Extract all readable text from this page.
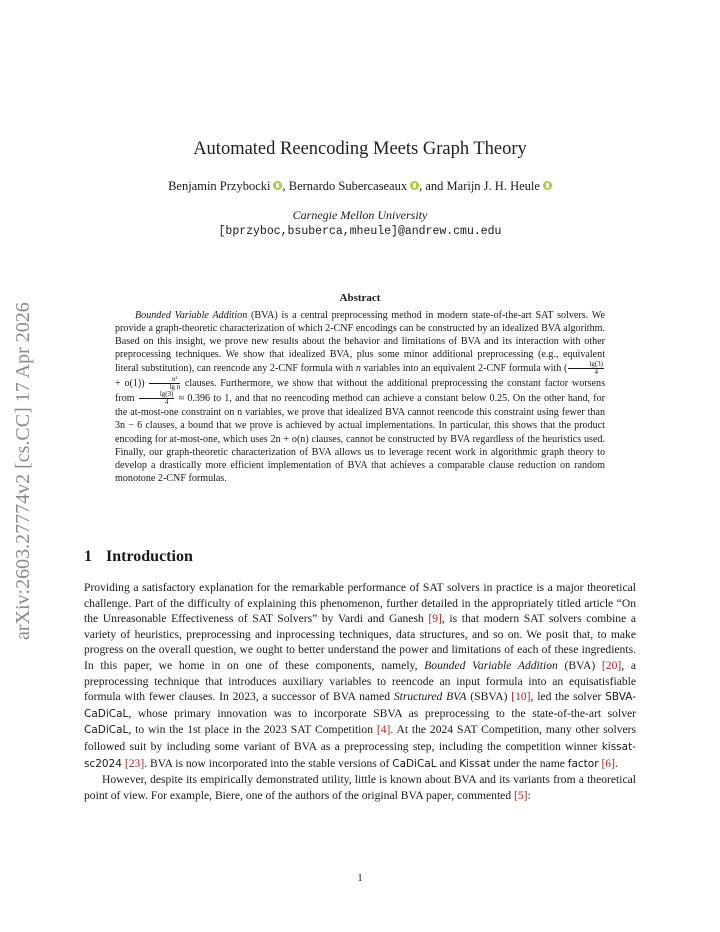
arXiv:2603.27774v2 [cs.CC] 17 Apr 2026
Automated Reencoding Meets Graph Theory
Benjamin Przybocki , Bernardo Subercaseaux , and Marijn J. H. Heule
Carnegie Mellon University
[bprzyboc,bsuberca,mheule]@andrew.cmu.edu
Abstract
Bounded Variable Addition (BVA) is a central preprocessing method in modern state-of-the-art SAT solvers. We provide a graph-theoretic characterization of which 2-CNF encodings can be constructed by an idealized BVA algorithm. Based on this insight, we prove new results about the behavior and limitations of BVA and its interaction with other preprocessing techniques. We show that idealized BVA, plus some minor additional preprocessing (e.g., equivalent literal substitution), can reencode any 2-CNF formula with n variables into an equivalent 2-CNF formula with ( $\frac{\lg(3)}{4}$
+ $o(1)) \frac{\text{n²}}{\text{lg n}}$ clauses. Furthermore, we show that without the additional preprocessing the constant factor worsens from $\frac{\lg(3)}{4} \approx 0.396$ to 1, and that no reencoding method can achieve a constant below 0.25. On the other hand, for the at-most-one constraint on n variables, we prove that idealized BVA cannot reencode this constraint using fewer than 3n − 6 clauses, a bound that we prove is achieved by actual implementations. In particular, this shows that the product encoding for at-most-one, which uses 2n + o(n) clauses, cannot be constructed by BVA regardless of the heuristics used. Finally, our graph-theoretic characterization of BVA allows us to leverage recent work in algorithmic graph theory to develop a drastically more efficient implementation of BVA that achieves a comparable clause reduction on random monotone 2-CNF formulas.
1 Introduction

Providing a satisfactory explanation for the remarkable performance of SAT solvers in practice is a major theoretical challenge. Part of the difficulty of explaining this phenomenon, further detailed in the appropriately titled article “On the Unreasonable Effectiveness of SAT Solvers” by Vardi and Ganesh [9], is that modern SAT solvers combine a variety of heuristics, preprocessing and inprocessing techniques, data structures, and so on. We posit that, to make progress on the overall question, we ought to better understand the power and limitations of each of these ingredients. In this paper, we home in on one of these components, namely, Bounded Variable Addition (BVA) [20], a preprocessing technique that introduces auxiliary variables to reencode an input formula into an equisatisfiable formula with fewer clauses. In 2023, a successor of BVA named Structured BVA (SBVA) [10], led the solver SBVA-CaDiCaL, whose primary innovation was to incorporate SBVA as preprocessing to the state-of-the-art solver CaDiCaL, to win the 1st place in the 2023 SAT Competition [4]. At the 2024 SAT Competition, many other solvers followed suit by including some variant of BVA as a preprocessing step, including the competition winner kissat-sc2024 [23]. BVA is now incorporated into the stable versions of CaDiCaL and Kissat under the name factor [6].

However, despite its empirically demonstrated utility, little is known about BVA and its variants from a theoretical point of view. For example, Biere, one of the authors of the original BVA paper, commented [5]:

1
